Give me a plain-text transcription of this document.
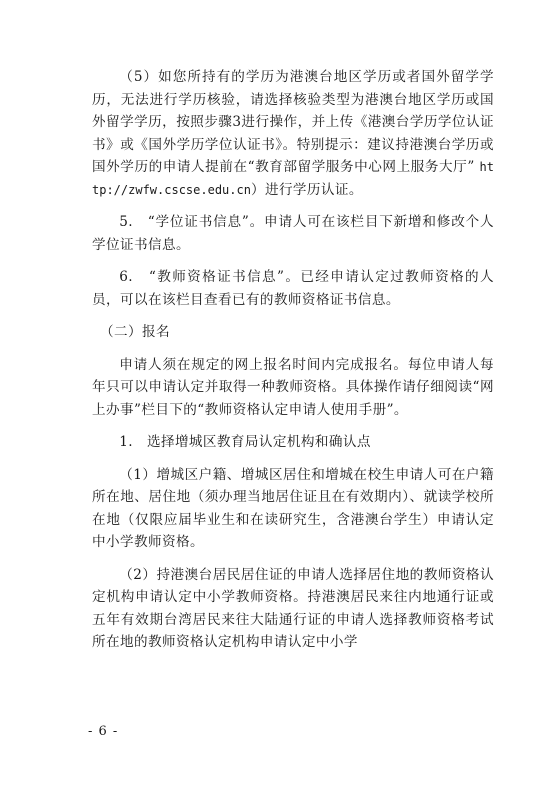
（5）如您所持有的学历为港澳台地区学历或者国外留学学历，无法进行学历核验，请选择核验类型为港澳台地区学历或国外留学学历，按照步骤3进行操作，并上传《港澳台学历学位认证书》或《国外学历学位认证书》。特别提示：建议持港澳台学历或国外学历的申请人提前在“教育部留学服务中心网上服务大厅” http://zwfw.cscse.edu.cn）进行学历认证。

5.　“学位证书信息”。申请人可在该栏目下新增和修改个人学位证书信息。

6.　“教师资格证书信息”。已经申请认定过教师资格的人员，可以在该栏目查看已有的教师资格证书信息。

（二）报名

申请人须在规定的网上报名时间内完成报名。每位申请人每年只可以申请认定并取得一种教师资格。具体操作请仔细阅读“网上办事”栏目下的“教师资格认定申请人使用手册”。

1.　选择增城区教育局认定机构和确认点

（1）增城区户籍、增城区居住和增城在校生申请人可在户籍所在地、居住地（须办理当地居住证且在有效期内）、就读学校所在地（仅限应届毕业生和在读研究生，含港澳台学生）申请认定中小学教师资格。

（2）持港澳台居民居住证的申请人选择居住地的教师资格认定机构申请认定中小学教师资格。持港澳居民来往内地通行证或五年有效期台湾居民来往大陆通行证的申请人选择教师资格考试所在地的教师资格认定机构申请认定中小学

- 6 -
